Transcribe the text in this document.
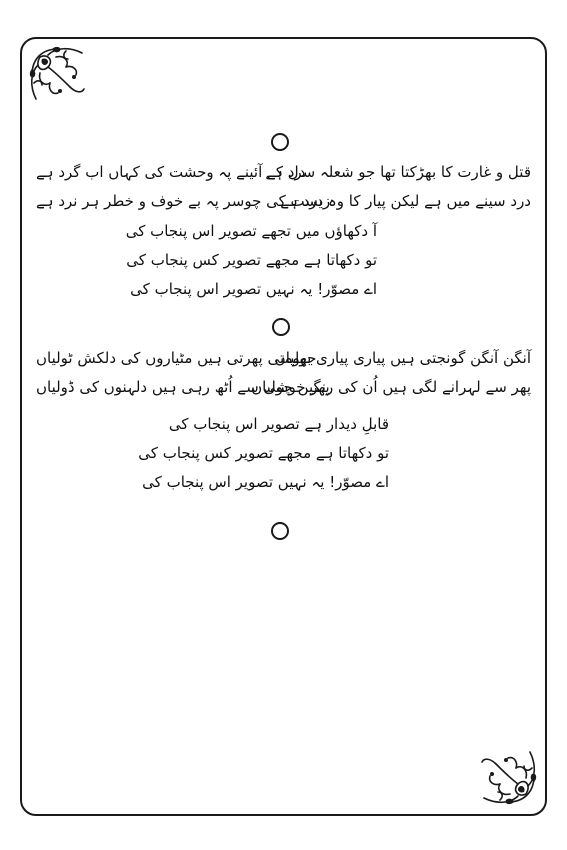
قتل و غارت کا بھڑکتا تھا جو شعلہ سرد ہے
دل کے آئینے پہ وحشت کی کہاں اب گرد ہے
درد سینے میں ہے لیکن پیار کا وہ درد ہے
زیست کی چوسر پہ بے خوف و خطر ہر نرد ہے
آ دکھاؤں میں تجھے تصویر اس پنجاب کی
تو دکھاتا ہے مجھے تصویر کس پنجاب کی
اے مصوّر! یہ نہیں تصویر اس پنجاب کی
آنگن آنگن گونجتی ہیں پیاری پیاری بولیاں
جھومتی پھرتی ہیں مٹیاروں کی دلکش ٹولیاں
پھر سے لہرانے لگی ہیں اُن کی رنگیں چولیاں
پھر خوشی سے اُٹھ رہی ہیں دلہنوں کی ڈولیاں
قابلِ دیدار ہے تصویر اس پنجاب کی
تو دکھاتا ہے مجھے تصویر کس پنجاب کی
اے مصوّر! یہ نہیں تصویر اس پنجاب کی
